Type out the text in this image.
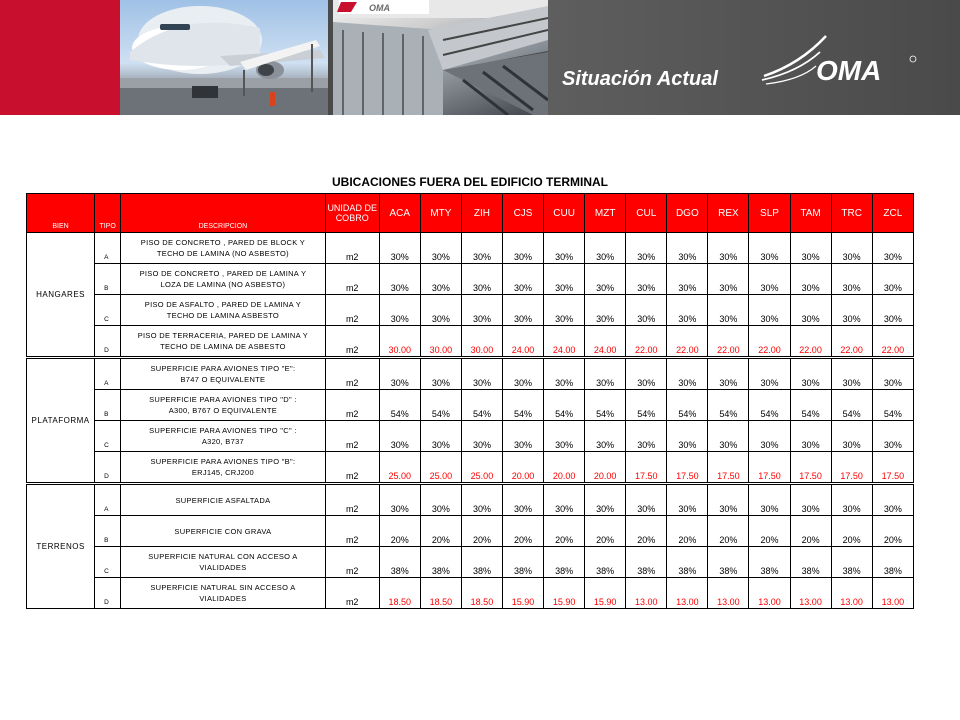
OMA
Situación Actual	OMA
UBICACIONES FUERA DEL EDIFICIO TERMINAL
BIEN	TIPO	DESCRIPCION	UNIDAD DE COBRO	ACA	MTY	ZIH	CJS	CUU	MZT	CUL	DGO	REX	SLP	TAM	TRC	ZCL
HANGARES	A	PISO DE CONCRETO , PARED DE BLOCK Y
TECHO DE LAMINA (NO ASBESTO)	m2	30%	30%	30%	30%	30%	30%	30%	30%	30%	30%	30%	30%	30%
	B	PISO DE CONCRETO , PARED DE LAMINA Y
LOZA DE LAMINA (NO ASBESTO)	m2	30%	30%	30%	30%	30%	30%	30%	30%	30%	30%	30%	30%	30%
	C	PISO DE ASFALTO , PARED DE LAMINA Y
TECHO DE LAMINA ASBESTO	m2	30%	30%	30%	30%	30%	30%	30%	30%	30%	30%	30%	30%	30%
	D	PISO DE TERRACERIA, PARED DE LAMINA Y
TECHO DE LAMINA DE ASBESTO	m2	30.00	30.00	30.00	24.00	24.00	24.00	22.00	22.00	22.00	22.00	22.00	22.00	22.00
PLATAFORMA	A	SUPERFICIE PARA AVIONES TIPO "E":
B747 O EQUIVALENTE	m2	30%	30%	30%	30%	30%	30%	30%	30%	30%	30%	30%	30%	30%
	B	SUPERFICIE PARA AVIONES TIPO "D" :
A300, B767 O EQUIVALENTE	m2	54%	54%	54%	54%	54%	54%	54%	54%	54%	54%	54%	54%	54%
	C	SUPERFICIE PARA AVIONES TIPO "C" :
A320, B737	m2	30%	30%	30%	30%	30%	30%	30%	30%	30%	30%	30%	30%	30%
	D	SUPERFICIE PARA AVIONES TIPO "B":
ERJ145, CRJ200	m2	25.00	25.00	25.00	20.00	20.00	20.00	17.50	17.50	17.50	17.50	17.50	17.50	17.50
TERRENOS	A	SUPERFICIE ASFALTADA	m2	30%	30%	30%	30%	30%	30%	30%	30%	30%	30%	30%	30%	30%
	B	SUPERFICIE CON GRAVA	m2	20%	20%	20%	20%	20%	20%	20%	20%	20%	20%	20%	20%	20%
	C	SUPERFICIE NATURAL CON ACCESO A
VIALIDADES	m2	38%	38%	38%	38%	38%	38%	38%	38%	38%	38%	38%	38%	38%
	D	SUPERFICIE NATURAL SIN ACCESO A
VIALIDADES	m2	18.50	18.50	18.50	15.90	15.90	15.90	13.00	13.00	13.00	13.00	13.00	13.00	13.00
